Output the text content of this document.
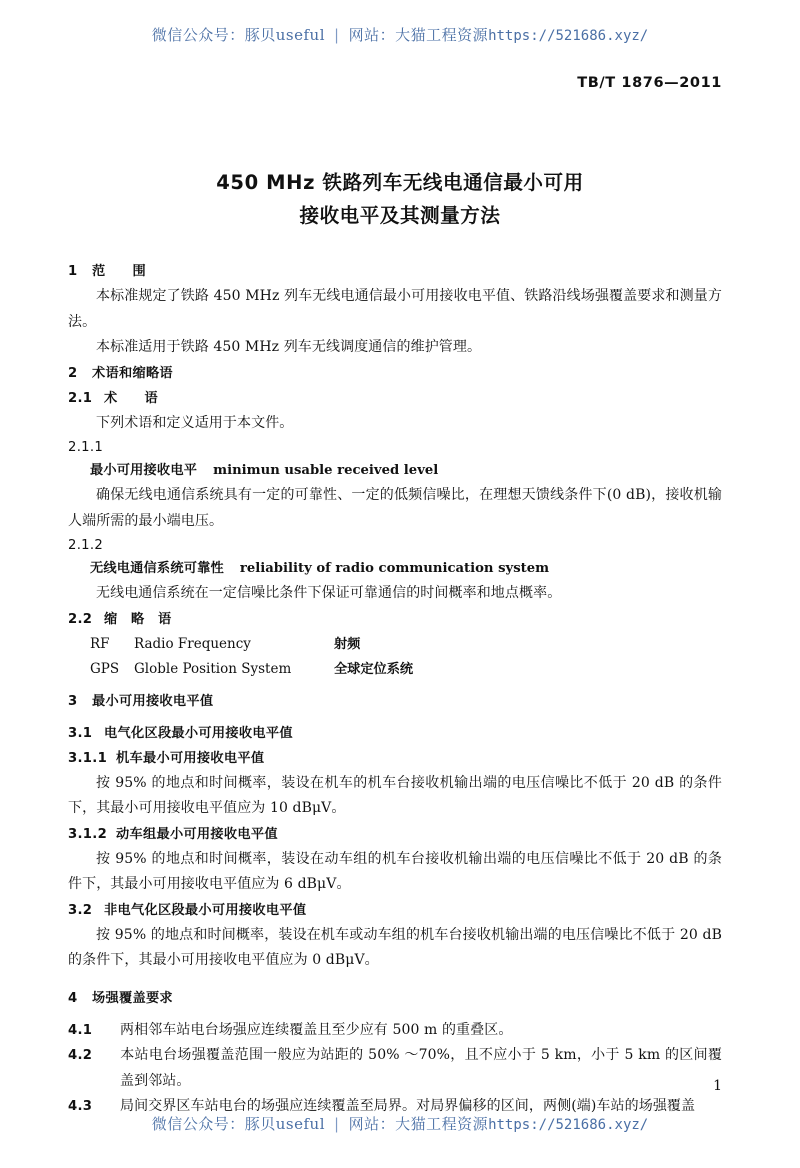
微信公众号：豚贝useful | 网站：大猫工程资源https://521686.xyz/
TB/T 1876—2011
450 MHz 铁路列车无线电通信最小可用
接收电平及其测量方法
1 范　　围
本标准规定了铁路 450 MHz 列车无线电通信最小可用接收电平值、铁路沿线场强覆盖要求和测量方法。
本标准适用于铁路 450 MHz 列车无线调度通信的维护管理。
2 术语和缩略语
2.1 术　　语
下列术语和定义适用于本文件。
2.1.1
最小可用接收电平 minimun usable received level
确保无线电通信系统具有一定的可靠性、一定的低频信噪比，在理想天馈线条件下(0 dB)，接收机输人端所需的最小端电压。
2.1.2
无线电通信系统可靠性 reliability of radio communication system
无线电通信系统在一定信噪比条件下保证可靠通信的时间概率和地点概率。
2.2 缩　略　语
RF Radio Frequency	射频
GPS Globle Position System	全球定位系统
3 最小可用接收电平值
3.1 电气化区段最小可用接收电平值
3.1.1 机车最小可用接收电平值
按 95% 的地点和时间概率，装设在机车的机车台接收机输出端的电压信噪比不低于 20 dB 的条件下，其最小可用接收电平值应为 10 dBμV。
3.1.2 动车组最小可用接收电平值
按 95% 的地点和时间概率，装设在动车组的机车台接收机输出端的电压信噪比不低于 20 dB 的条件下，其最小可用接收电平值应为 6 dBμV。
3.2 非电气化区段最小可用接收电平值
按 95% 的地点和时间概率，装设在机车或动车组的机车台接收机输出端的电压信噪比不低于 20 dB的条件下，其最小可用接收电平值应为 0 dBμV。
4 场强覆盖要求
4.1 两相邻车站电台场强应连续覆盖且至少应有 500 m 的重叠区。
4.2 本站电台场强覆盖范围一般应为站距的 50% ～70%，且不应小于 5 km，小于 5 km 的区间覆盖到邻站。
4.3 局间交界区车站电台的场强应连续覆盖至局界。对局界偏移的区间，两侧(端)车站的场强覆盖
1
微信公众号：豚贝useful | 网站：大猫工程资源https://521686.xyz/
